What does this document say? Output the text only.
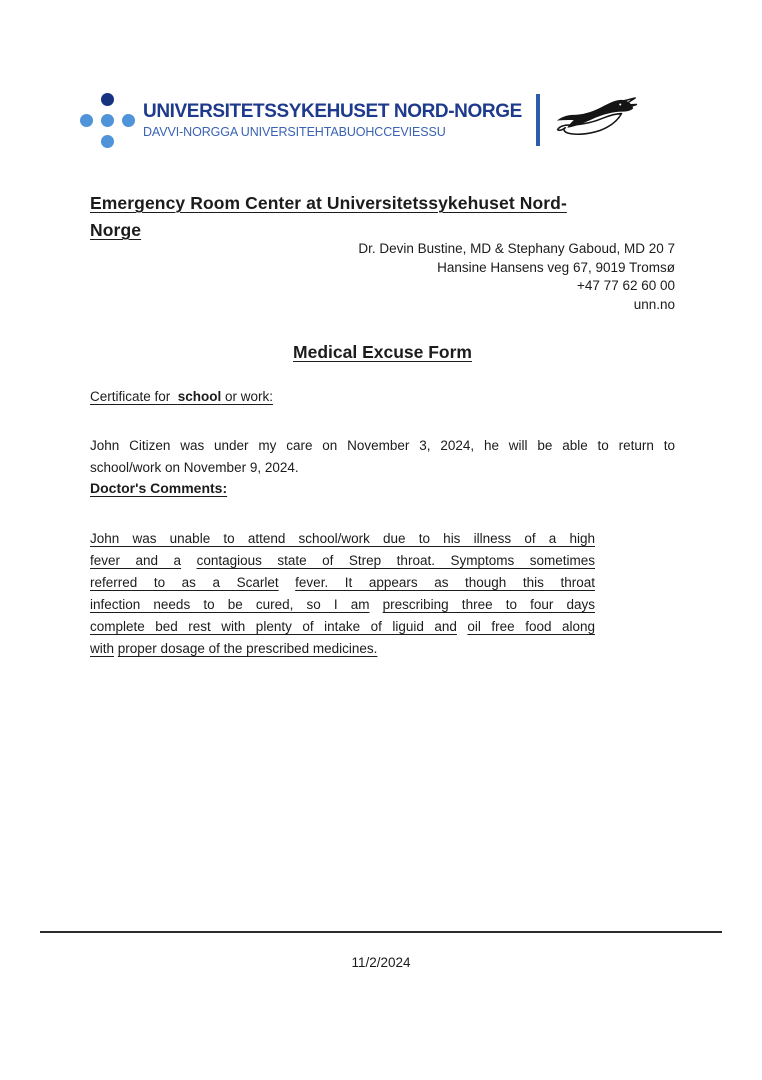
UNIVERSITETSSYKEHUSET NORD-NORGE
DAVVI-NORGGA UNIVERSITEHTABUOHCCEVIESSU
Emergency Room Center at Universitetssykehuset Nord-
Norge
Dr. Devin Bustine, MD & Stephany Gaboud, MD 20 7
Hansine Hansens veg 67, 9019 Tromsø
+47 77 62 60 00
unn.no
Medical Excuse Form

Certificate for  school or work:

John Citizen was under my care on November 3, 2024, he will be able to return to
school/work on November 9, 2024.
Doctor's Comments:
John was unable to attend school/work due to his illness of a high
fever and a contagious state of Strep throat. Symptoms sometimes
referred to as a Scarlet fever. It appears as though this throat
infection needs to be cured, so I am prescribing three to four days
complete bed rest with plenty of intake of liguid and oil free food along
with proper dosage of the prescribed medicines.
11/2/2024
